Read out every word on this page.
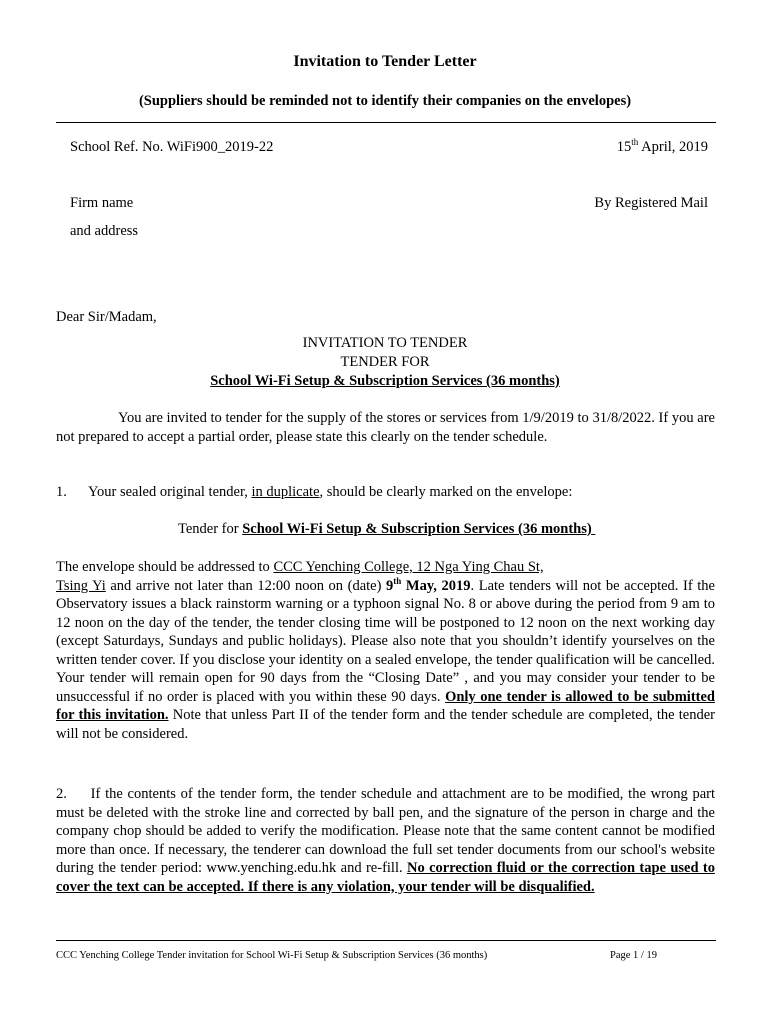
Invitation to Tender Letter
(Suppliers should be reminded not to identify their companies on the envelopes)
School Ref. No. WiFi900_2019-22	15th April, 2019
Firm name	By Registered Mail
and address
Dear Sir/Madam,
INVITATION TO TENDER
TENDER FOR
School Wi-Fi Setup & Subscription Services (36 months)
You are invited to tender for the supply of the stores or services from 1/9/2019 to 31/8/2022. If you are not prepared to accept a partial order, please state this clearly on the tender schedule.
1. Your sealed original tender, in duplicate, should be clearly marked on the envelope:
Tender for School Wi-Fi Setup & Subscription Services (36 months)
The envelope should be addressed to CCC Yenching College, 12 Nga Ying Chau St,
Tsing Yi and arrive not later than 12:00 noon on (date) 9th May, 2019. Late tenders will not be accepted. If the Observatory issues a black rainstorm warning or a typhoon signal No. 8 or above during the period from 9 am to 12 noon on the day of the tender, the tender closing time will be postponed to 12 noon on the next working day (except Saturdays, Sundays and public holidays). Please also note that you shouldn’t identify yourselves on the written tender cover. If you disclose your identity on a sealed envelope, the tender qualification will be cancelled. Your tender will remain open for 90 days from the “Closing Date” , and you may consider your tender to be unsuccessful if no order is placed with you within these 90 days. Only one tender is allowed to be submitted for this invitation. Note that unless Part II of the tender form and the tender schedule are completed, the tender will not be considered.
2. If the contents of the tender form, the tender schedule and attachment are to be modified, the wrong part must be deleted with the stroke line and corrected by ball pen, and the signature of the person in charge and the company chop should be added to verify the modification. Please note that the same content cannot be modified more than once. If necessary, the tenderer can download the full set tender documents from our school's website during the tender period: www.yenching.edu.hk and re-fill. No correction fluid or the correction tape used to cover the text can be accepted. If there is any violation, your tender will be disqualified.
CCC Yenching College Tender invitation for School Wi-Fi Setup & Subscription Services (36 months)	Page 1 / 19
